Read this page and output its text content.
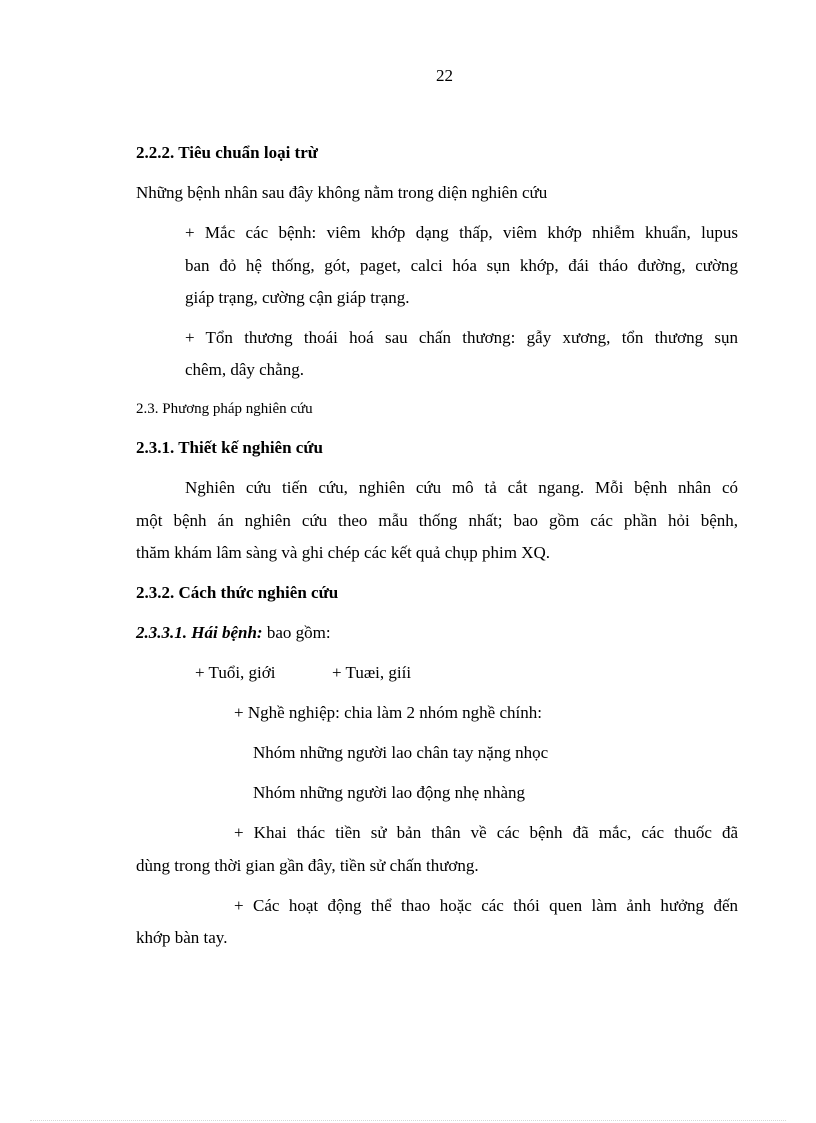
22
2.2.2. Tiêu chuẩn loại trừ
Những bệnh nhân sau đây không nằm trong diện nghiên cứu
+ Mắc các bệnh: viêm khớp dạng thấp, viêm khớp nhiễm khuẩn, lupus
ban đỏ hệ thống, gót, paget, calci hóa sụn khớp, đái tháo đường, cường
giáp trạng, cường cận giáp trạng.
+ Tổn thương thoái hoá sau chấn thương: gẫy xương, tổn thương sụn
chêm, dây chằng.
2.3. Phương pháp nghiên cứu
2.3.1. Thiết kế nghiên cứu
Nghiên cứu tiến cứu, nghiên cứu mô tả cắt ngang. Mỗi bệnh nhân có
một bệnh án nghiên cứu theo mẫu thống nhất; bao gồm các phần hỏi bệnh,
thăm khám lâm sàng và ghi chép các kết quả chụp phim XQ.
2.3.2. Cách thức nghiên cứu
2.3.3.1. Hái bệnh: bao gồm:
+ Tuổi, giới	+ Tuæi, giíi
+ Nghề nghiệp: chia làm 2 nhóm nghề chính:
Nhóm những người lao chân tay nặng nhọc
Nhóm những người lao động nhẹ nhàng
+ Khai thác tiền sử bản thân về các bệnh đã mắc, các thuốc đã
dùng trong thời gian gần đây, tiền sử chấn thương.
+ Các hoạt động thể thao hoặc các thói quen làm ảnh hưởng đến
khớp bàn tay.
